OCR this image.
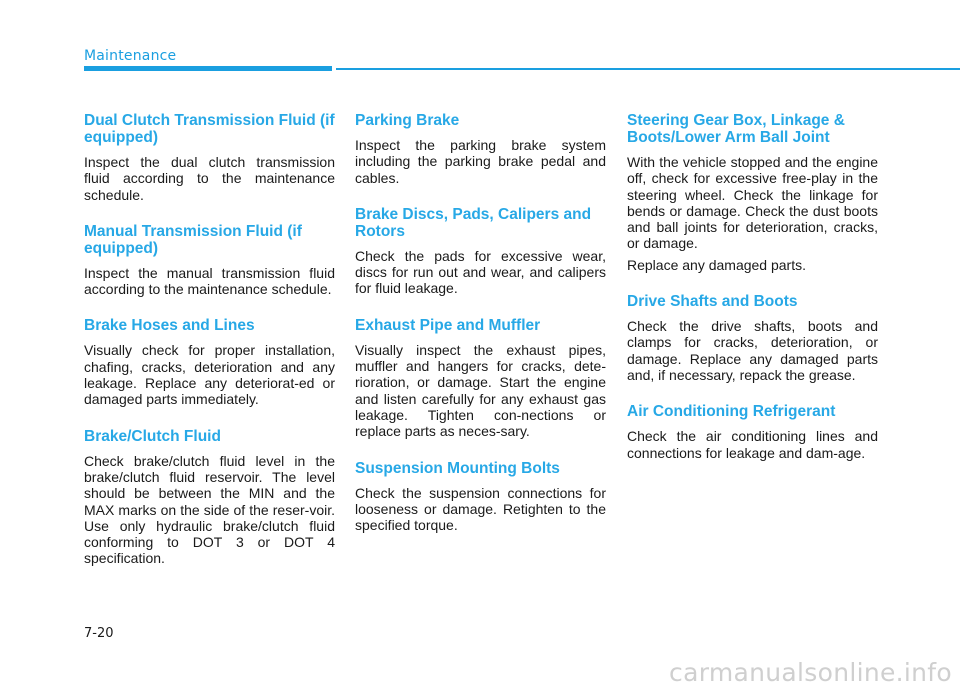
Maintenance
Dual Clutch Transmission Fluid (if equipped)
Inspect the dual clutch transmission fluid according to the maintenance schedule.
Manual Transmission Fluid (if equipped)
Inspect the manual transmission fluid according to the maintenance schedule.
Brake Hoses and Lines
Visually check for proper installation, chafing, cracks, deterioration and any leakage. Replace any deteriorat-ed or damaged parts immediately.
Brake/Clutch Fluid
Check brake/clutch fluid level in the brake/clutch fluid reservoir. The level should be between the MIN and the MAX marks on the side of the reser-voir. Use only hydraulic brake/clutch fluid conforming to DOT 3 or DOT 4 specification.
Parking Brake
Inspect the parking brake system including the parking brake pedal and cables.
Brake Discs, Pads, Calipers and Rotors
Check the pads for excessive wear, discs for run out and wear, and calipers for fluid leakage.
Exhaust Pipe and Muffler
Visually inspect the exhaust pipes, muffler and hangers for cracks, dete-rioration, or damage. Start the engine and listen carefully for any exhaust gas leakage. Tighten con-nections or replace parts as neces-sary.
Suspension Mounting Bolts
Check the suspension connections for looseness or damage. Retighten to the specified torque.
Steering Gear Box, Linkage & Boots/Lower Arm Ball Joint
With the vehicle stopped and the engine off, check for excessive free-play in the steering wheel. Check the linkage for bends or damage. Check the dust boots and ball joints for deterioration, cracks, or damage.
Replace any damaged parts.
Drive Shafts and Boots
Check the drive shafts, boots and clamps for cracks, deterioration, or damage. Replace any damaged parts and, if necessary, repack the grease.
Air Conditioning Refrigerant
Check the air conditioning lines and connections for leakage and dam-age.
7-20
carmanualsonline.info
